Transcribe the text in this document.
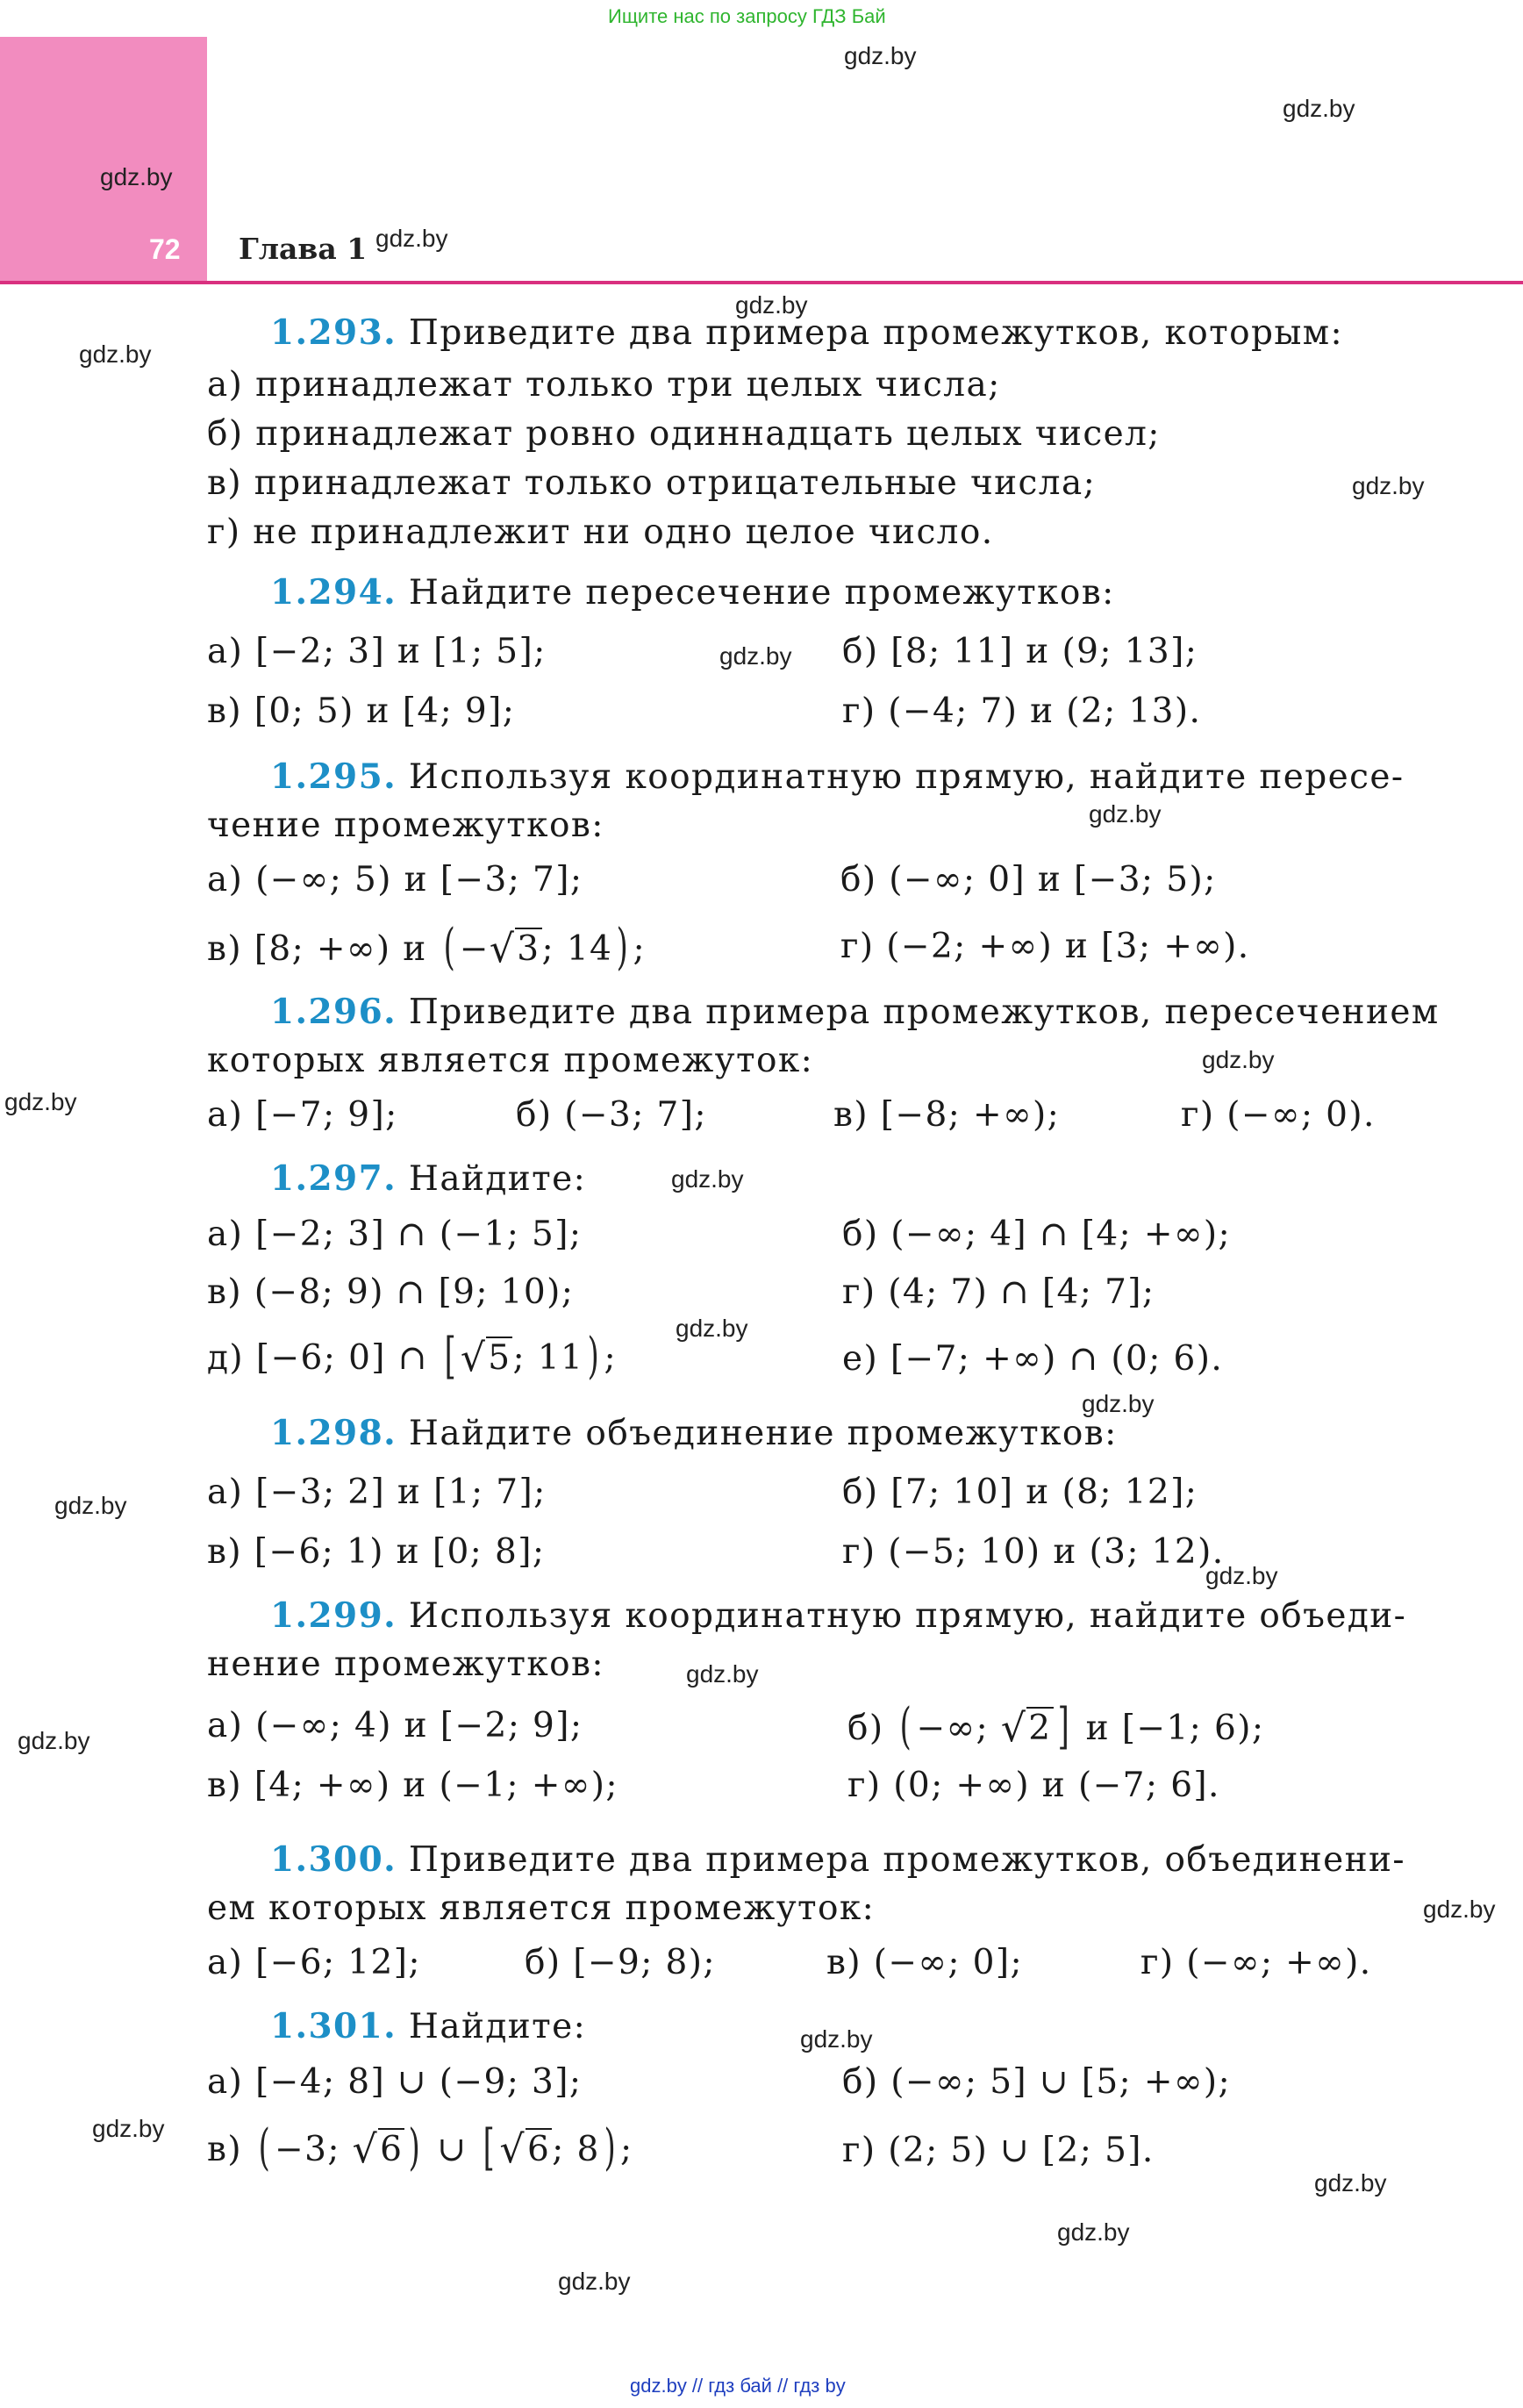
Ищите нас по запросу ГДЗ Бай
72 Глава 1
gdz.by
gdz.by
gdz.by
gdz.by
gdz.by
gdz.by
gdz.by
gdz.by
gdz.by
gdz.by
gdz.by
gdz.by
gdz.by
gdz.by
gdz.by
gdz.by
gdz.by
gdz.by
gdz.by
gdz.by
gdz.by
gdz.by
gdz.by
gdz.by
1.293. Приведите два примера промежутков, которым:
а) принадлежат только три целых числа;
б) принадлежат ровно одиннадцать целых чисел;
в) принадлежат только отрицательные числа;
г) не принадлежит ни одно целое число.
1.294. Найдите пересечение промежутков:
а) [−2; 3] и [1; 5];	б) [8; 11] и (9; 13];
в) [0; 5) и [4; 9];	г) (−4; 7) и (2; 13).
1.295. Используя координатную прямую, найдите пересе-
чение промежутков:
а) (−∞; 5) и [−3; 7];	б) (−∞; 0] и [−3; 5);
в) [8; +∞) и ( −√3; 14) ;	г) (−2; +∞) и [3; +∞).
1.296. Приведите два примера промежутков, пересечением
которых является промежуток:
а) [−7; 9];	б) (−3; 7];	в) [−8; +∞);	г) (−∞; 0).
1.297. Найдите:
а) [−2; 3] ∩ (−1; 5];	б) (−∞; 4] ∩ [4; +∞);
в) (−8; 9) ∩ [9; 10);	г) (4; 7) ∩ [4; 7];
д) [−6; 0] ∩ [ √5; 11) ;	е) [−7; +∞) ∩ (0; 6).
1.298. Найдите объединение промежутков:
а) [−3; 2] и [1; 7];	б) [7; 10] и (8; 12];
в) [−6; 1) и [0; 8];	г) (−5; 10) и (3; 12).
1.299. Используя координатную прямую, найдите объеди-
нение промежутков:
а) (−∞; 4) и [−2; 9];	б) ( −∞; √2 ] и [−1; 6);
в) [4; +∞) и (−1; +∞);	г) (0; +∞) и (−7; 6].
1.300. Приведите два примера промежутков, объединени-
ем которых является промежуток:
а) [−6; 12];	б) [−9; 8);	в) (−∞; 0];	г) (−∞; +∞).
1.301. Найдите:
а) [−4; 8] ∪ (−9; 3];	б) (−∞; 5] ∪ [5; +∞);
в) ( −3; √6 ) ∪ [ √6; 8) ;	г) (2; 5) ∪ [2; 5].
gdz.by // гдз бай // гдз by
